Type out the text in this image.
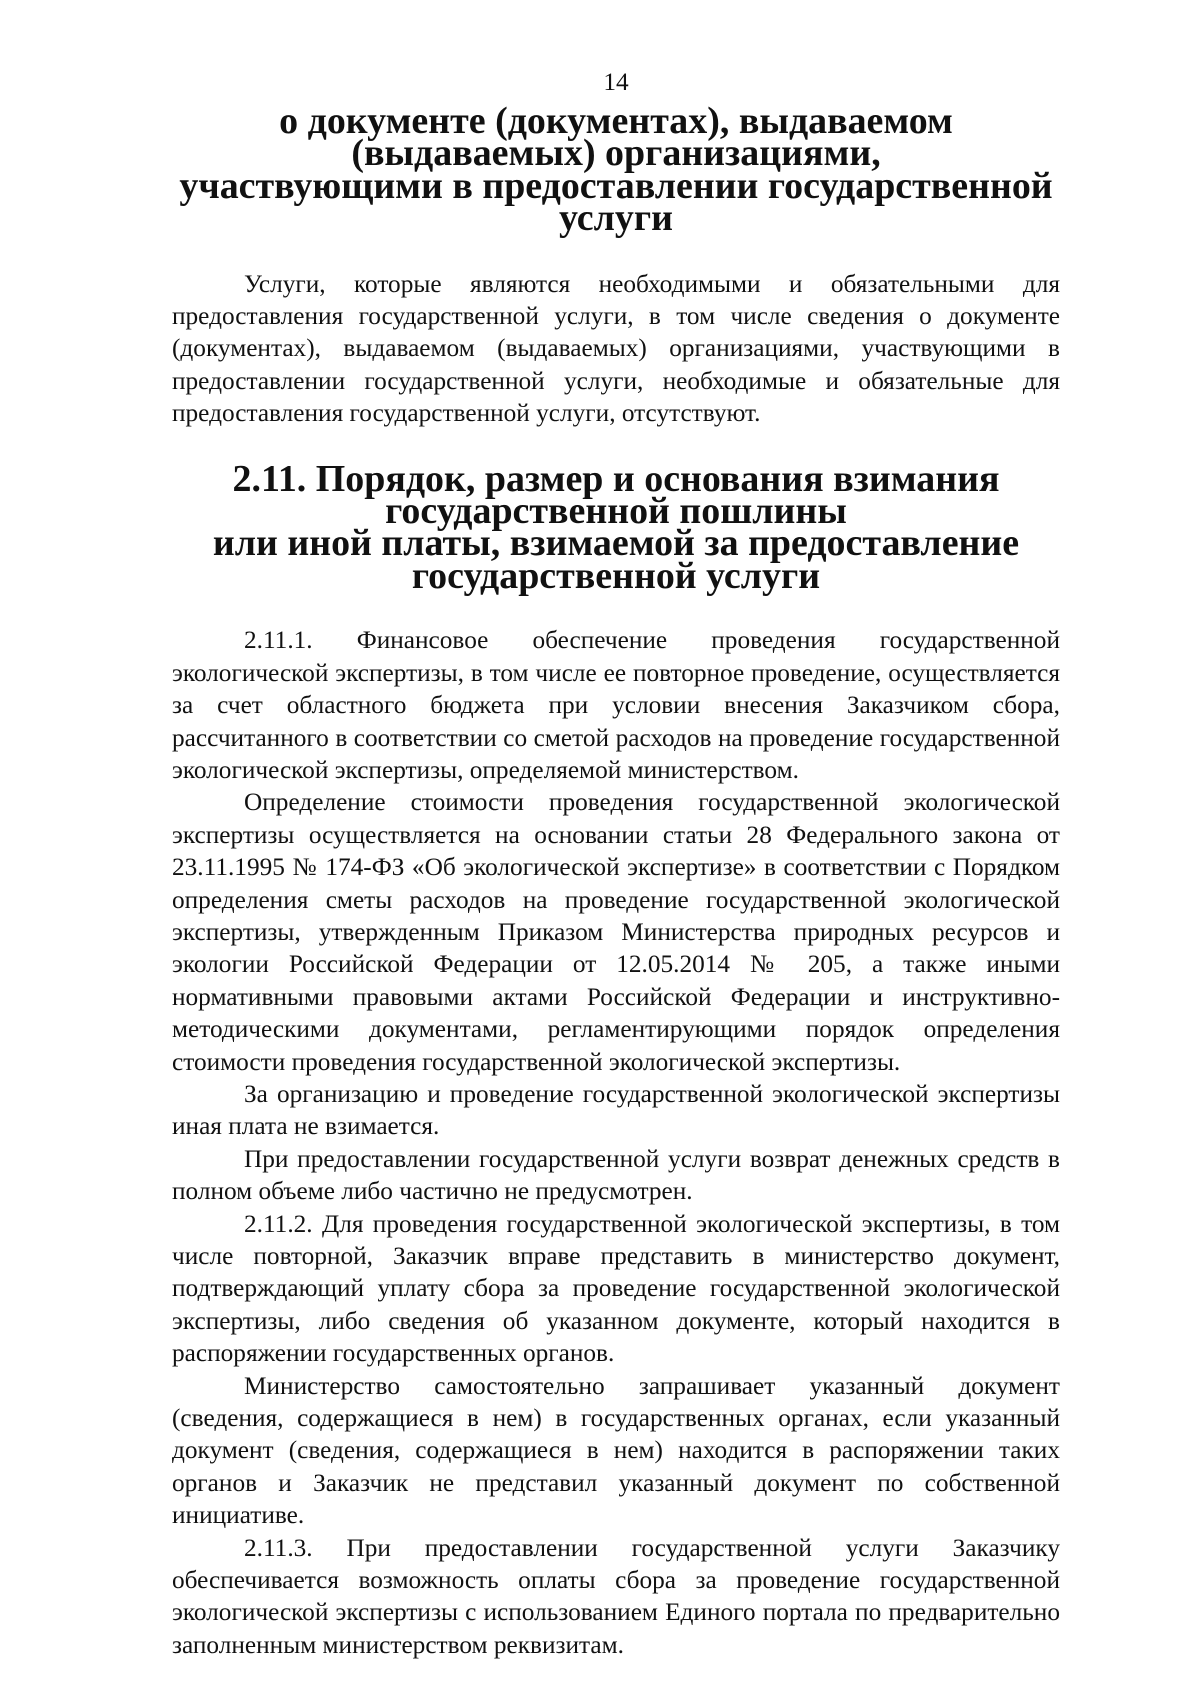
14
о документе (документах), выдаваемом (выдаваемых) организациями,
участвующими в предоставлении государственной услуги

Услуги, которые являются необходимыми и обязательными для предоставления государственной услуги, в том числе сведения о документе (документах), выдаваемом (выдаваемых) организациями, участвующими в предоставлении государственной услуги, необходимые и обязательные для предоставления государственной услуги, отсутствуют.

2.11. Порядок, размер и основания взимания государственной пошлины
или иной платы, взимаемой за предоставление государственной услуги

2.11.1. Финансовое обеспечение проведения государственной экологической экспертизы, в том числе ее повторное проведение, осуществляется за счет областного бюджета при условии внесения Заказчиком сбора, рассчитанного в соответствии со сметой расходов на проведение государственной экологической экспертизы, определяемой министерством.

Определение стоимости проведения государственной экологической экспертизы осуществляется на основании статьи 28 Федерального закона от 23.11.1995 № 174-ФЗ «Об экологической экспертизе» в соответствии с Порядком определения сметы расходов на проведение государственной экологической экспертизы, утвержденным Приказом Министерства природных ресурсов и экологии Российской Федерации от 12.05.2014 № 205, а также иными нормативными правовыми актами Российской Федерации и инструктивно-методическими документами, регламентирующими порядок определения стоимости проведения государственной экологической экспертизы.

За организацию и проведение государственной экологической экспертизы иная плата не взимается.

При предоставлении государственной услуги возврат денежных средств в полном объеме либо частично не предусмотрен.

2.11.2. Для проведения государственной экологической экспертизы, в том числе повторной, Заказчик вправе представить в министерство документ, подтверждающий уплату сбора за проведение государственной экологической экспертизы, либо сведения об указанном документе, который находится в распоряжении государственных органов.

Министерство самостоятельно запрашивает указанный документ (сведения, содержащиеся в нем) в государственных органах, если указанный документ (сведения, содержащиеся в нем) находится в распоряжении таких органов и Заказчик не представил указанный документ по собственной инициативе.

2.11.3. При предоставлении государственной услуги Заказчику обеспечивается возможность оплаты сбора за проведение государственной экологической экспертизы с использованием Единого портала по предварительно заполненным министерством реквизитам.
